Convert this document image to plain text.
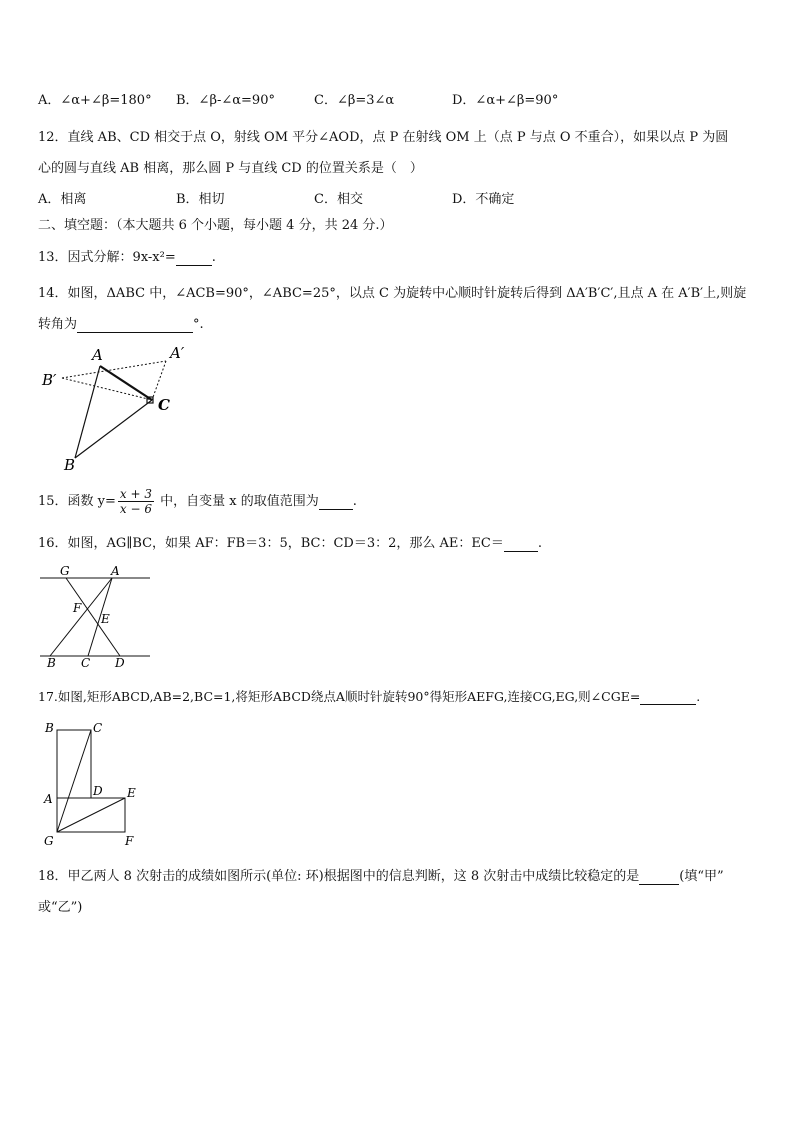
A．∠α+∠β=180° B．∠β-∠α=90°	C．∠β=3∠α	D．∠α+∠β=90°
12．直线 AB、CD 相交于点 O，射线 OM 平分∠AOD，点 P 在射线 OM 上（点 P 与点 O 不重合），如果以点 P 为圆
心的圆与直线 AB 相离，那么圆 P 与直线 CD 的位置关系是（　）
A．相离	B．相切	C．相交	D．不确定
二、填空题：（本大题共 6 个小题，每小题 4 分，共 24 分.）
13．因式分解：9x-x²=	.
14．如图，ΔABC 中，∠ACB=90°，∠ABC=25°，以点 C 为旋转中心顺时针旋转后得到 ΔA′B′C′,且点 A 在 A′B′上,则旋
转角为	°.
A	A′
B′
C
B
15．函数 $y= \frac{x + 3}{x - 6}$ 中，自变量 x 的取值范围为	.
16．如图，AG∥BC，如果 AF：FB＝3：5，BC：CD＝3：2，那么 AE：EC＝	.
G	A
F
E
B C D
17.如图,矩形ABCD,AB=2,BC=1,将矩形ABCD绕点A顺时针旋转90°得矩形AEFG,连接CG,EG,则∠CGE=	.
B	C
A
D E
G	F
18．甲乙两人 8 次射击的成绩如图所示(单位: 环)根据图中的信息判断，这 8 次射击中成绩比较稳定的是	(填“甲”
或“乙”)
